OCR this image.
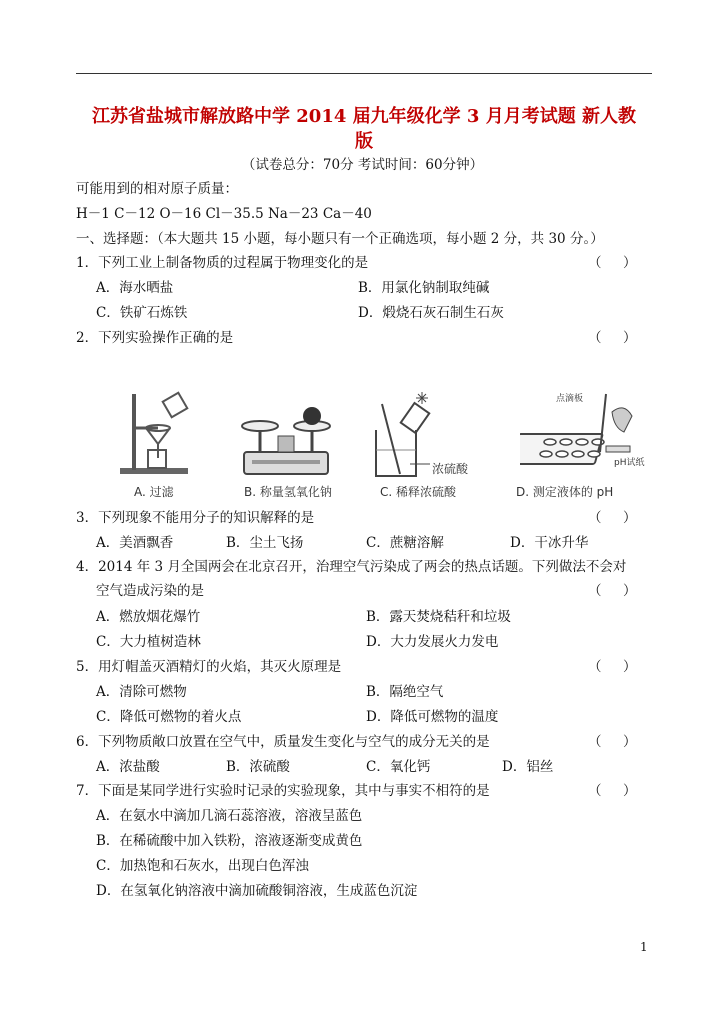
江苏省盐城市解放路中学 2014 届九年级化学 3 月月考试题 新人教
版
（试卷总分：70分 考试时间：60分钟）
可能用到的相对原子质量：
H－1 C－12 O－16 Cl－35.5 Na－23 Ca－40
一、选择题：（本大题共 15 小题，每小题只有一个正确选项，每小题 2 分，共 30 分。）
1．下列工业上制备物质的过程属于物理变化的是	（     ）
A．海水晒盐	B．用氯化钠制取纯碱
C．铁矿石炼铁	D．煅烧石灰石制生石灰
2．下列实验操作正确的是	（     ）
A. 过滤	B. 称量氢氧化钠
浓硫酸
C. 稀释浓硫酸
点滴板
pH试纸
D. 测定液体的 pH
3．下列现象不能用分子的知识解释的是	（     ）
A．美酒飘香	B．尘土飞扬	C．蔗糖溶解	D．干冰升华
4．2014 年 3 月全国两会在北京召开，治理空气污染成了两会的热点话题。下列做法不会对
空气造成污染的是	（     ）
A．燃放烟花爆竹	B．露天焚烧秸秆和垃圾
C．大力植树造林	D．大力发展火力发电
5．用灯帽盖灭酒精灯的火焰，其灭火原理是	（     ）
A．清除可燃物	B．隔绝空气
C．降低可燃物的着火点	D．降低可燃物的温度
6．下列物质敞口放置在空气中，质量发生变化与空气的成分无关的是	（     ）
A．浓盐酸	B．浓硫酸	C．氧化钙	D．铝丝
7．下面是某同学进行实验时记录的实验现象，其中与事实不相符的是	（     ）
A．在氨水中滴加几滴石蕊溶液，溶液呈蓝色
B．在稀硫酸中加入铁粉，溶液逐渐变成黄色
C．加热饱和石灰水，出现白色浑浊
D．在氢氧化钠溶液中滴加硫酸铜溶液，生成蓝色沉淀
1
